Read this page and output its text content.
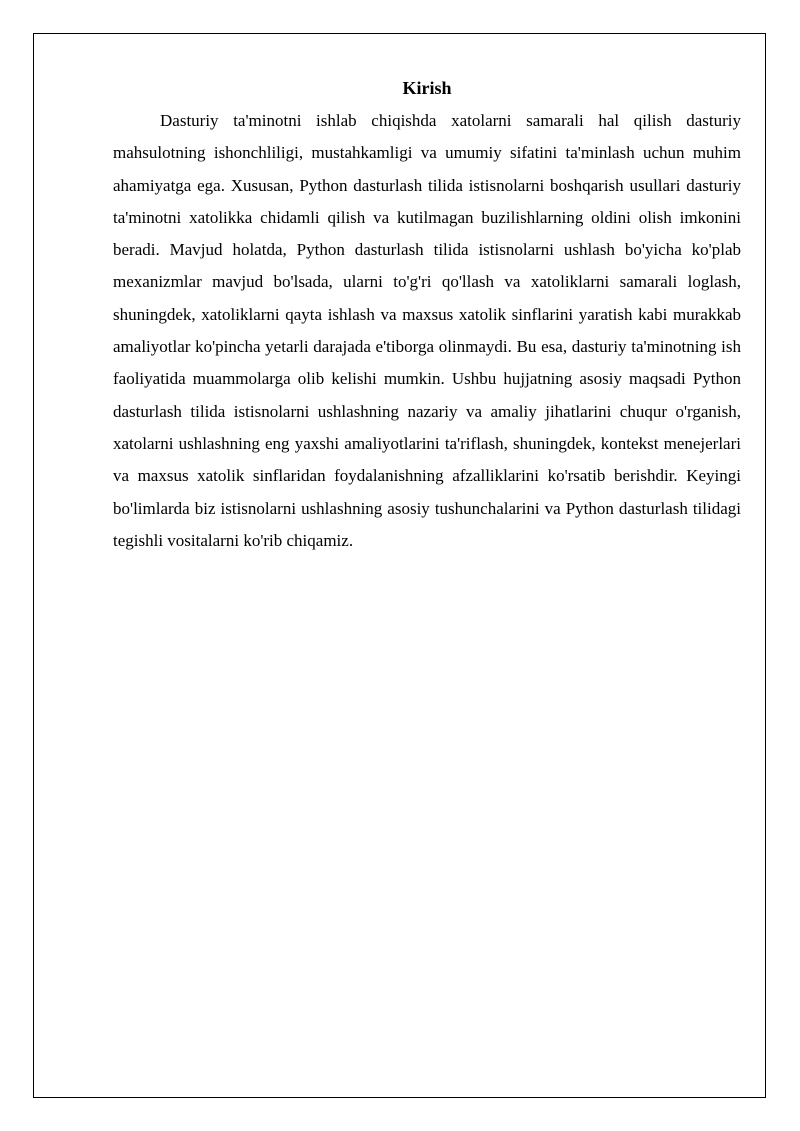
Kirish

Dasturiy ta'minotni ishlab chiqishda xatolarni samarali hal qilish dasturiy mahsulotning ishonchliligi, mustahkamligi va umumiy sifatini ta'minlash uchun muhim ahamiyatga ega. Xususan, Python dasturlash tilida istisnolarni boshqarish usullari dasturiy ta'minotni xatolikka chidamli qilish va kutilmagan buzilishlarning oldini olish imkonini beradi. Mavjud holatda, Python dasturlash tilida istisnolarni ushlash bo'yicha ko'plab mexanizmlar mavjud bo'lsada, ularni to'g'ri qo'llash va xatoliklarni samarali loglash, shuningdek, xatoliklarni qayta ishlash va maxsus xatolik sinflarini yaratish kabi murakkab amaliyotlar ko'pincha yetarli darajada e'tiborga olinmaydi. Bu esa, dasturiy ta'minotning ish faoliyatida muammolarga olib kelishi mumkin. Ushbu hujjatning asosiy maqsadi Python dasturlash tilida istisnolarni ushlashning nazariy va amaliy jihatlarini chuqur o'rganish, xatolarni ushlashning eng yaxshi amaliyotlarini ta'riflash, shuningdek, kontekst menejerlari va maxsus xatolik sinflaridan foydalanishning afzalliklarini ko'rsatib berishdir. Keyingi bo'limlarda biz istisnolarni ushlashning asosiy tushunchalarini va Python dasturlash tilidagi tegishli vositalarni ko'rib chiqamiz.
